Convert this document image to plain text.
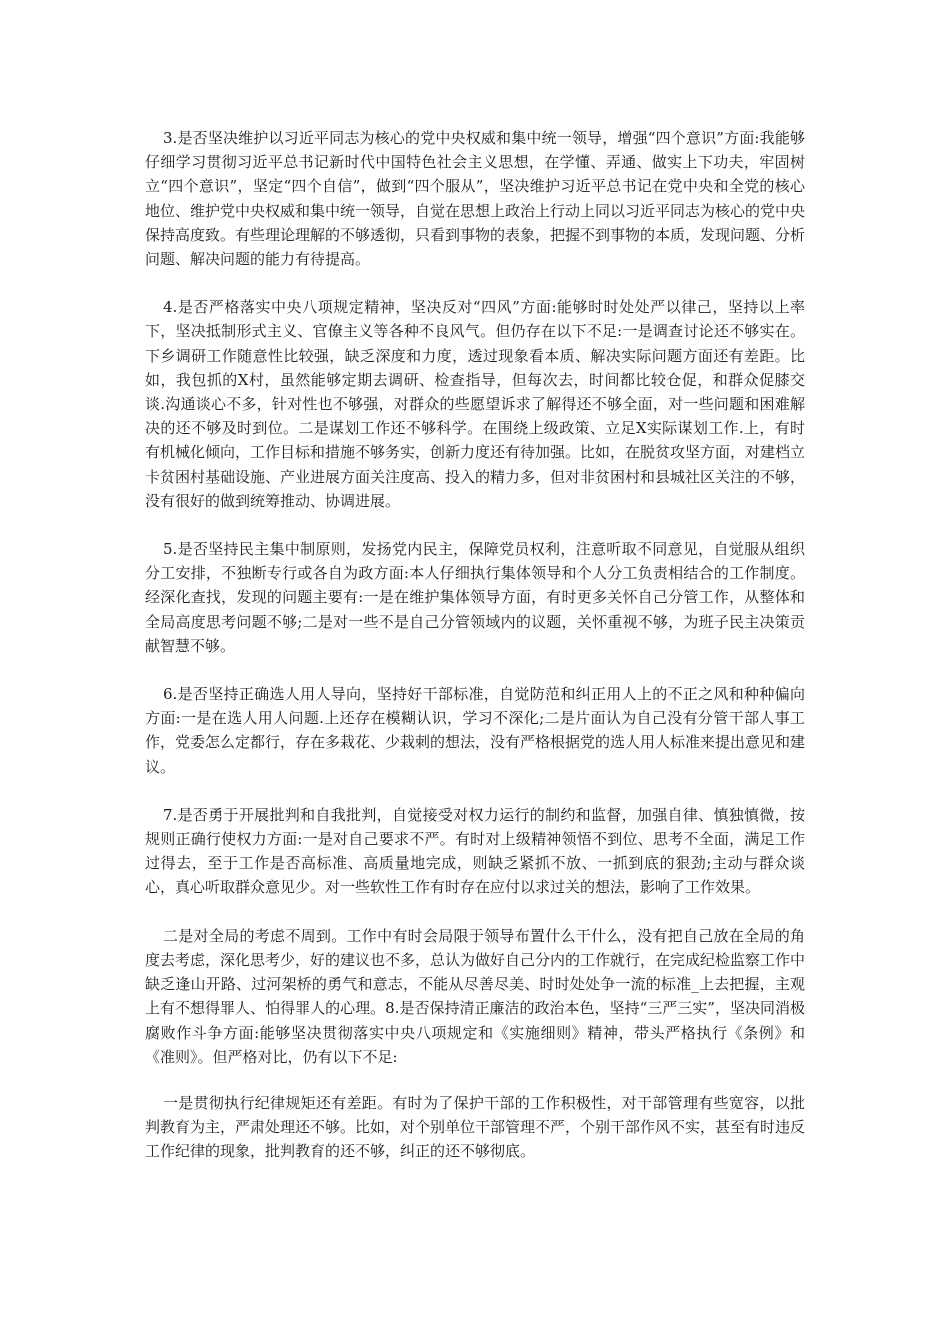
3.是否坚决维护以习近平同志为核心的党中央权威和集中统一领导，增强“四个意识”方面:我能够仔细学习贯彻习近平总书记新时代中国特色社会主义思想，在学懂、弄通、做实上下功夫，牢固树立“四个意识”，坚定“四个自信”，做到“四个服从”，坚决维护习近平总书记在党中央和全党的核心地位、维护党中央权威和集中统一领导，自觉在思想上政治上行动上同以习近平同志为核心的党中央保持高度致。有些理论理解的不够透彻，只看到事物的表象，把握不到事物的本质，发现问题、分析问题、解决问题的能力有待提高。

4.是否严格落实中央八项规定精神，坚决反对“四风”方面:能够时时处处严以律己，坚持以上率下，坚决抵制形式主义、官僚主义等各种不良风气。但仍存在以下不足:一是调查讨论还不够实在。下乡调研工作随意性比较强，缺乏深度和力度，透过现象看本质、解决实际问题方面还有差距。比如，我包抓的X村，虽然能够定期去调研、检查指导，但每次去，时间都比较仓促，和群众促膝交谈.沟通谈心不多，针对性也不够强，对群众的些愿望诉求了解得还不够全面，对一些问题和困难解决的还不够及时到位。二是谋划工作还不够科学。在围绕上级政策、立足X实际谋划工作.上，有时有机械化倾向，工作目标和措施不够务实，创新力度还有待加强。比如，在脱贫攻坚方面，对建档立卡贫困村基础设施、产业进展方面关注度高、投入的精力多，但对非贫困村和县城社区关注的不够，没有很好的做到统筹推动、协调进展。

5.是否坚持民主集中制原则，发扬党内民主，保障党员权利，注意听取不同意见，自觉服从组织分工安排，不独断专行或各自为政方面:本人仔细执行集体领导和个人分工负责相结合的工作制度。经深化查找，发现的问题主要有:一是在维护集体领导方面，有时更多关怀自己分管工作，从整体和全局高度思考问题不够;二是对一些不是自己分管领域内的议题，关怀重视不够，为班子民主决策贡献智慧不够。

6.是否坚持正确选人用人导向，坚持好干部标准，自觉防范和纠正用人上的不正之风和种种偏向方面:一是在选人用人问题.上还存在模糊认识，学习不深化;二是片面认为自己没有分管干部人事工作，党委怎么定都行，存在多栽花、少栽刺的想法，没有严格根据党的选人用人标准来提出意见和建议。

7.是否勇于开展批判和自我批判，自觉接受对权力运行的制约和监督，加强自律、慎独慎微，按规则正确行使权力方面:一是对自己要求不严。有时对上级精神领悟不到位、思考不全面，满足工作过得去，至于工作是否高标准、高质量地完成，则缺乏紧抓不放、一抓到底的狠劲;主动与群众谈心，真心听取群众意见少。对一些软性工作有时存在应付以求过关的想法，影响了工作效果。

二是对全局的考虑不周到。工作中有时会局限于领导布置什么干什么，没有把自己放在全局的角度去考虑，深化思考少，好的建议也不多，总认为做好自己分内的工作就行，在完成纪检监察工作中缺乏逢山开路、过河架桥的勇气和意志，不能从尽善尽美、时时处处争一流的标准_上去把握，主观上有不想得罪人、怕得罪人的心理。8.是否保持清正廉洁的政治本色，坚持“三严三实”，坚决同消极 腐败作斗争方面:能够坚决贯彻落实中央八项规定和《实施细则》精神，带头严格执行《条例》和《准则》。但严格对比，仍有以下不足:

一是贯彻执行纪律规矩还有差距。有时为了保护干部的工作积极性，对干部管理有些宽容，以批判教育为主，严肃处理还不够。比如，对个别单位干部管理不严，个别干部作风不实，甚至有时违反工作纪律的现象，批判教育的还不够，纠正的还不够彻底。
